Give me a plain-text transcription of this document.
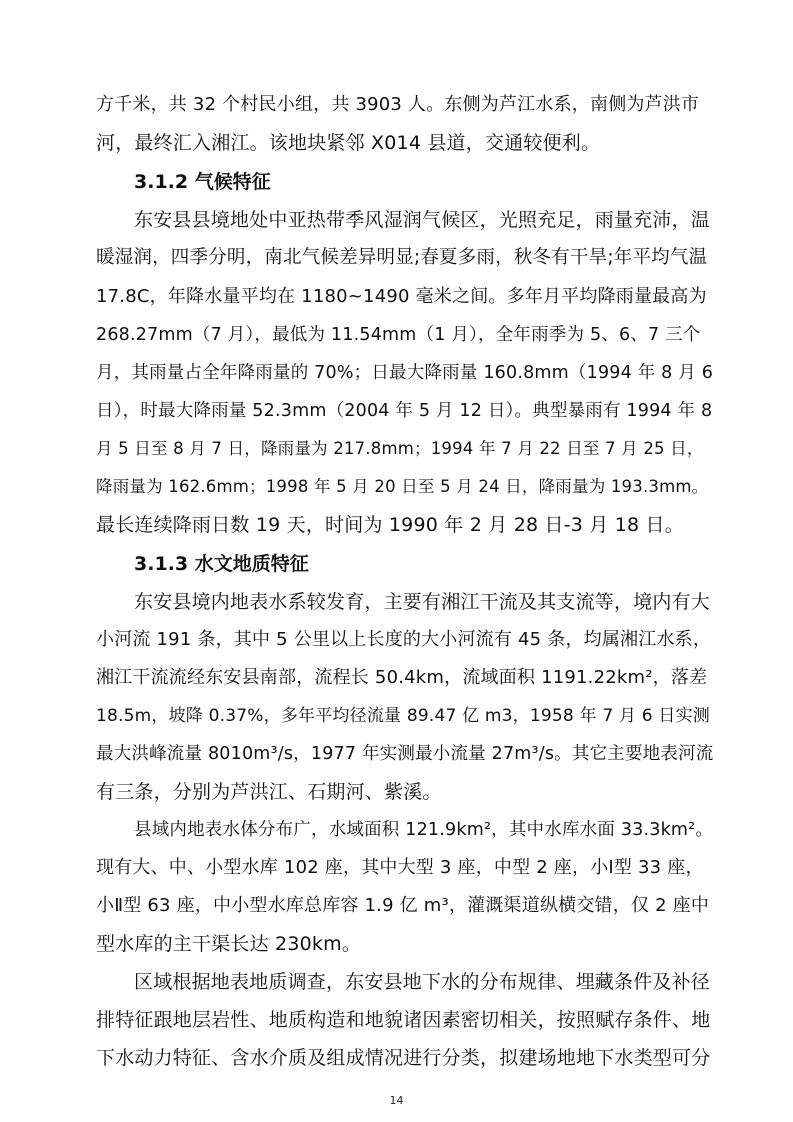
方千米，共 32 个村民小组，共 3903 人。东侧为芦江水系，南侧为芦洪市
河，最终汇入湘江。该地块紧邻 X014 县道，交通较便利。
3.1.2 气候特征
东安县县境地处中亚热带季风湿润气候区，光照充足，雨量充沛，温
暖湿润，四季分明，南北气候差异明显;春夏多雨，秋冬有干旱;年平均气温
17.8C，年降水量平均在 1180~1490 毫米之间。多年月平均降雨量最高为
268.27mm（7 月），最低为 11.54mm（1 月），全年雨季为 5、6、7 三个
月，其雨量占全年降雨量的 70%；日最大降雨量 160.8mm（1994 年 8 月 6
日），时最大降雨量 52.3mm（2004 年 5 月 12 日）。典型暴雨有 1994 年 8
月 5 日至 8 月 7 日，降雨量为 217.8mm；1994 年 7 月 22 日至 7 月 25 日，
降雨量为 162.6mm；1998 年 5 月 20 日至 5 月 24 日，降雨量为 193.3mm。
最长连续降雨日数 19 天，时间为 1990 年 2 月 28 日-3 月 18 日。
3.1.3 水文地质特征
东安县境内地表水系较发育，主要有湘江干流及其支流等，境内有大
小河流 191 条，其中 5 公里以上长度的大小河流有 45 条，均属湘江水系，
湘江干流流经东安县南部，流程长 50.4km，流域面积 1191.22km²，落差
18.5m，坡降 0.37%，多年平均径流量 89.47 亿 m3，1958 年 7 月 6 日实测
最大洪峰流量 8010m³/s，1977 年实测最小流量 27m³/s。其它主要地表河流
有三条，分别为芦洪江、石期河、紫溪。
县域内地表水体分布广，水域面积 121.9km²，其中水库水面 33.3km²。
现有大、中、小型水库 102 座，其中大型 3 座，中型 2 座，小Ⅰ型 33 座，
小Ⅱ型 63 座，中小型水库总库容 1.9 亿 m³，灌溉渠道纵横交错，仅 2 座中
型水库的主干渠长达 230km。
区域根据地表地质调查，东安县地下水的分布规律、埋藏条件及补径
排特征跟地层岩性、地质构造和地貌诸因素密切相关，按照赋存条件、地
下水动力特征、含水介质及组成情况进行分类，拟建场地地下水类型可分
14
